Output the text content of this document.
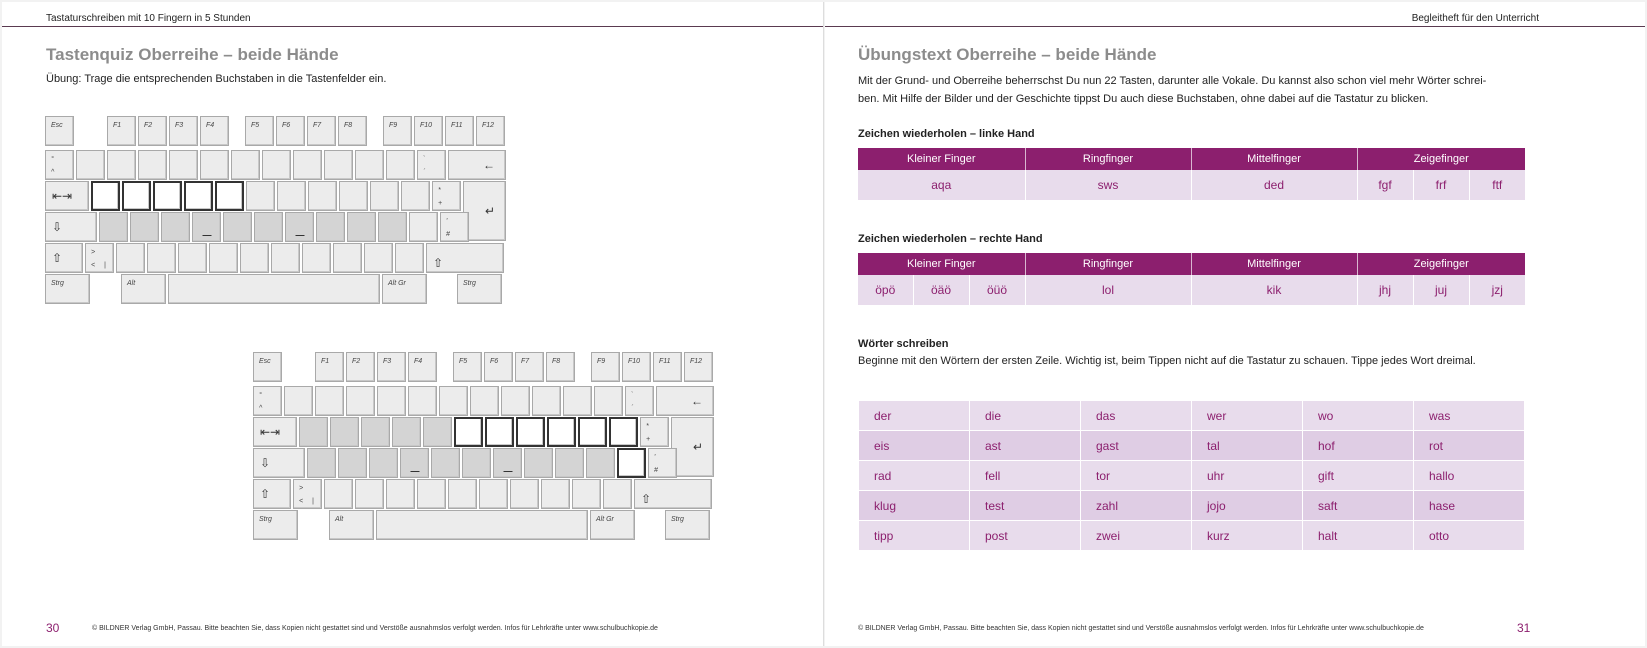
Tastaturschreiben mit 10 Fingern in 5 Stunden
Tastenquiz Oberreihe – beide Hände
Übung: Trage die entsprechenden Buchstaben in die Tastenfelder ein.
Esc	F1	F2	F3	F4	F5	F6	F7	F8	F9	F10	F11	F12
°
^
`
´
←
⇤⇥	*
+
↵
⇩	'
#
⇧	>
< |	⇧
Strg	Alt	Alt Gr	Strg
Esc	F1	F2	F3	F4	F5	F6	F7	F8	F9	F10	F11	F12
°
^
`
´
←
⇤⇥	*
+
↵
⇩	'
#
⇧	>
< |	⇧
Strg	Alt	Alt Gr	Strg
30	© BILDNER Verlag GmbH, Passau. Bitte beachten Sie, dass Kopien nicht gestattet sind und Verstöße ausnahmslos verfolgt werden. Infos für Lehrkräfte unter www.schulbuchkopie.de
Begleitheft für den Unterricht
Übungstext Oberreihe – beide Hände
Mit der Grund- und Oberreihe beherrschst Du nun 22 Tasten, darunter alle Vokale. Du kannst also schon viel mehr Wörter schrei-
ben. Mit Hilfe der Bilder und der Geschichte tippst Du auch diese Buchstaben, ohne dabei auf die Tastatur zu blicken.
Zeichen wiederholen – linke Hand
Kleiner Finger	Ringfinger	Mittelfinger	Zeigefinger		
aqa	sws	ded	fgf	frf	ftf
Zeichen wiederholen – rechte Hand
Kleiner Finger			Ringfinger	Mittelfinger	Zeigefinger		
öpö	öäö	öüö	lol	kik	jhj	juj	jzj
Wörter schreiben
Beginne mit den Wörtern der ersten Zeile. Wichtig ist, beim Tippen nicht auf die Tastatur zu schauen. Tippe jedes Wort dreimal.
der	die	das	wer	wo	was
eis	ast	gast	tal	hof	rot
rad	fell	tor	uhr	gift	hallo
klug	test	zahl	jojo	saft	hase
tipp	post	zwei	kurz	halt	otto
© BILDNER Verlag GmbH, Passau. Bitte beachten Sie, dass Kopien nicht gestattet sind und Verstöße ausnahmslos verfolgt werden. Infos für Lehrkräfte unter www.schulbuchkopie.de	31
